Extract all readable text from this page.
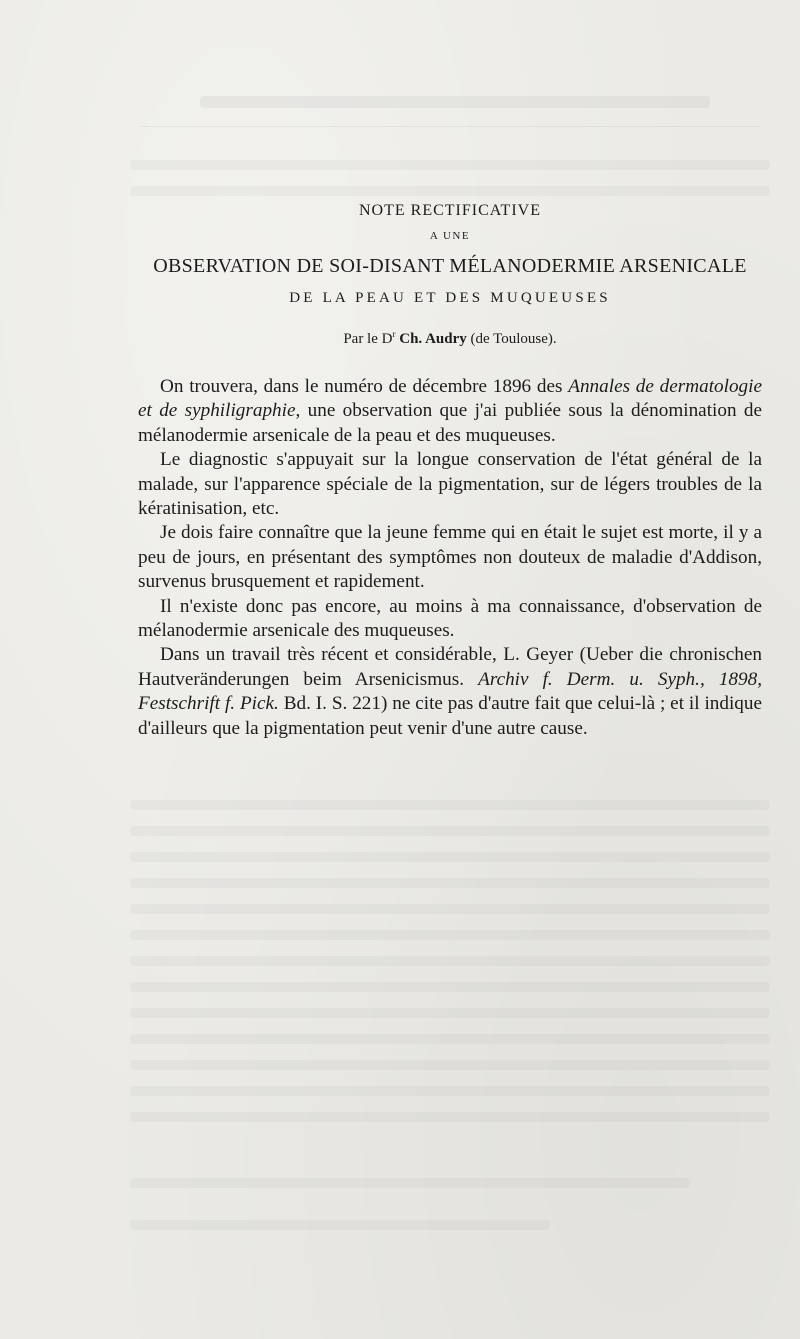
NOTE RECTIFICATIVE
A UNE
OBSERVATION DE SOI-DISANT MÉLANODERMIE ARSENICALE
DE LA PEAU ET DES MUQUEUSES
Par le $D^r$ Ch. Audry (de Toulouse).

On trouvera, dans le numéro de décembre 1896 des Annales de dermatologie et de syphiligraphie, une observation que j'ai publiée sous la dénomination de mélanodermie arsenicale de la peau et des muqueuses.

Le diagnostic s'appuyait sur la longue conservation de l'état général de la malade, sur l'apparence spéciale de la pigmentation, sur de légers troubles de la kératinisation, etc.

Je dois faire connaître que la jeune femme qui en était le sujet est morte, il y a peu de jours, en présentant des symptômes non douteux de maladie d'Addison, survenus brusquement et rapidement.

Il n'existe donc pas encore, au moins à ma connaissance, d'observation de mélanodermie arsenicale des muqueuses.

Dans un travail très récent et considérable, L. Geyer (Ueber die chronischen Hautveränderungen beim Arsenicismus. Archiv f. Derm. u. Syph., 1898, Festschrift f. Pick. Bd. I. S. 221) ne cite pas d'autre fait que celui-là ; et il indique d'ailleurs que la pigmentation peut venir d'une autre cause.
